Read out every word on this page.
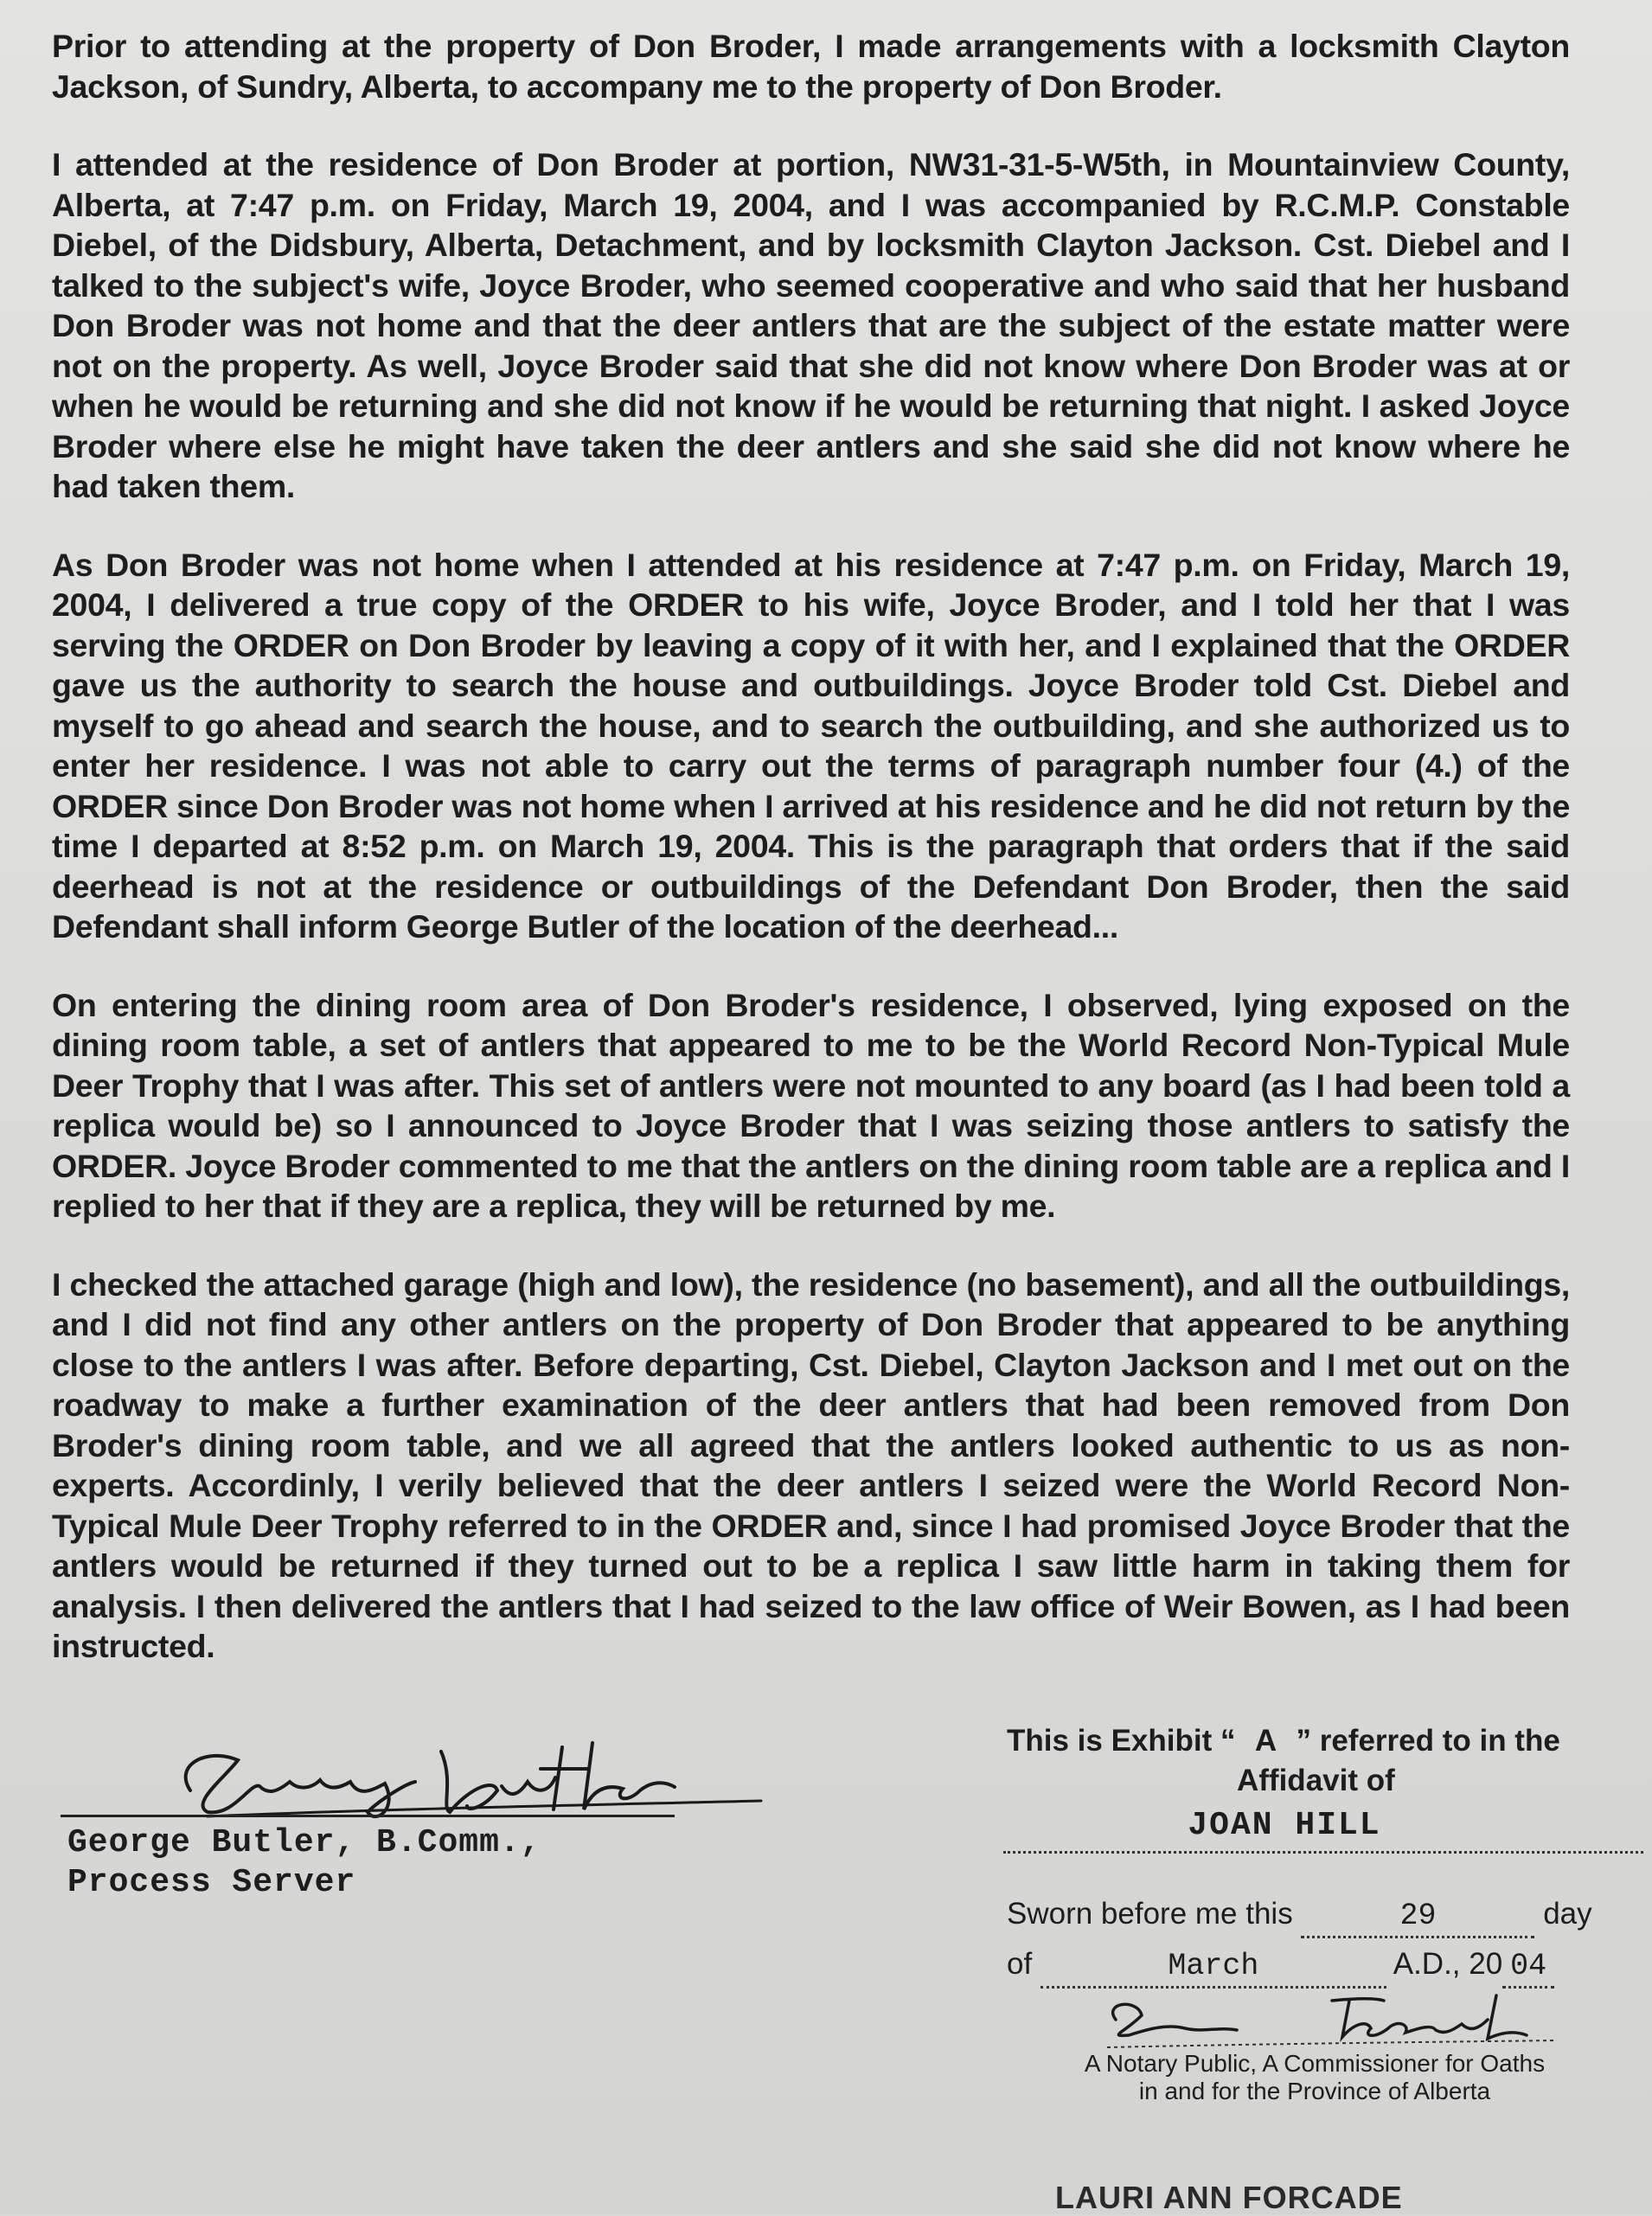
Prior to attending at the property of Don Broder, I made arrangements with a locksmith Clayton Jackson, of Sundry, Alberta, to accompany me to the property of Don Broder.

I attended at the residence of Don Broder at portion, NW31-31-5-W5th, in Mountainview County, Alberta, at 7:47 p.m. on Friday, March 19, 2004, and I was accompanied by R.C.M.P. Constable Diebel, of the Didsbury, Alberta, Detachment, and by locksmith Clayton Jackson. Cst. Diebel and I talked to the subject's wife, Joyce Broder, who seemed cooperative and who said that her husband Don Broder was not home and that the deer antlers that are the subject of the estate matter were not on the property. As well, Joyce Broder said that she did not know where Don Broder was at or when he would be returning and she did not know if he would be returning that night. I asked Joyce Broder where else he might have taken the deer antlers and she said she did not know where he had taken them.

As Don Broder was not home when I attended at his residence at 7:47 p.m. on Friday, March 19, 2004, I delivered a true copy of the ORDER to his wife, Joyce Broder, and I told her that I was serving the ORDER on Don Broder by leaving a copy of it with her, and I explained that the ORDER gave us the authority to search the house and outbuildings. Joyce Broder told Cst. Diebel and myself to go ahead and search the house, and to search the outbuilding, and she authorized us to enter her residence. I was not able to carry out the terms of paragraph number four (4.) of the ORDER since Don Broder was not home when I arrived at his residence and he did not return by the time I departed at 8:52 p.m. on March 19, 2004. This is the paragraph that orders that if the said deerhead is not at the residence or outbuildings of the Defendant Don Broder, then the said Defendant shall inform George Butler of the location of the deerhead...

On entering the dining room area of Don Broder's residence, I observed, lying exposed on the dining room table, a set of antlers that appeared to me to be the World Record Non-Typical Mule Deer Trophy that I was after. This set of antlers were not mounted to any board (as I had been told a replica would be) so I announced to Joyce Broder that I was seizing those antlers to satisfy the ORDER. Joyce Broder commented to me that the antlers on the dining room table are a replica and I replied to her that if they are a replica, they will be returned by me.

I checked the attached garage (high and low), the residence (no basement), and all the outbuildings, and I did not find any other antlers on the property of Don Broder that appeared to be anything close to the antlers I was after. Before departing, Cst. Diebel, Clayton Jackson and I met out on the roadway to make a further examination of the deer antlers that had been removed from Don Broder's dining room table, and we all agreed that the antlers looked authentic to us as non-experts. Accordinly, I verily believed that the deer antlers I seized were the World Record Non-Typical Mule Deer Trophy referred to in the ORDER and, since I had promised Joyce Broder that the antlers would be returned if they turned out to be a replica I saw little harm in taking them for analysis. I then delivered the antlers that I had seized to the law office of Weir Bowen, as I had been instructed.

George Butler, B.Comm.,
Process Server
This is Exhibit “ A ” referred to in the
Affidavit of
JOAN HILL
Sworn before me this	29	day
of	March	A.D., 20 04
A Notary Public, A Commissioner for Oaths
in and for the Province of Alberta
LAURI ANN FORCADE
